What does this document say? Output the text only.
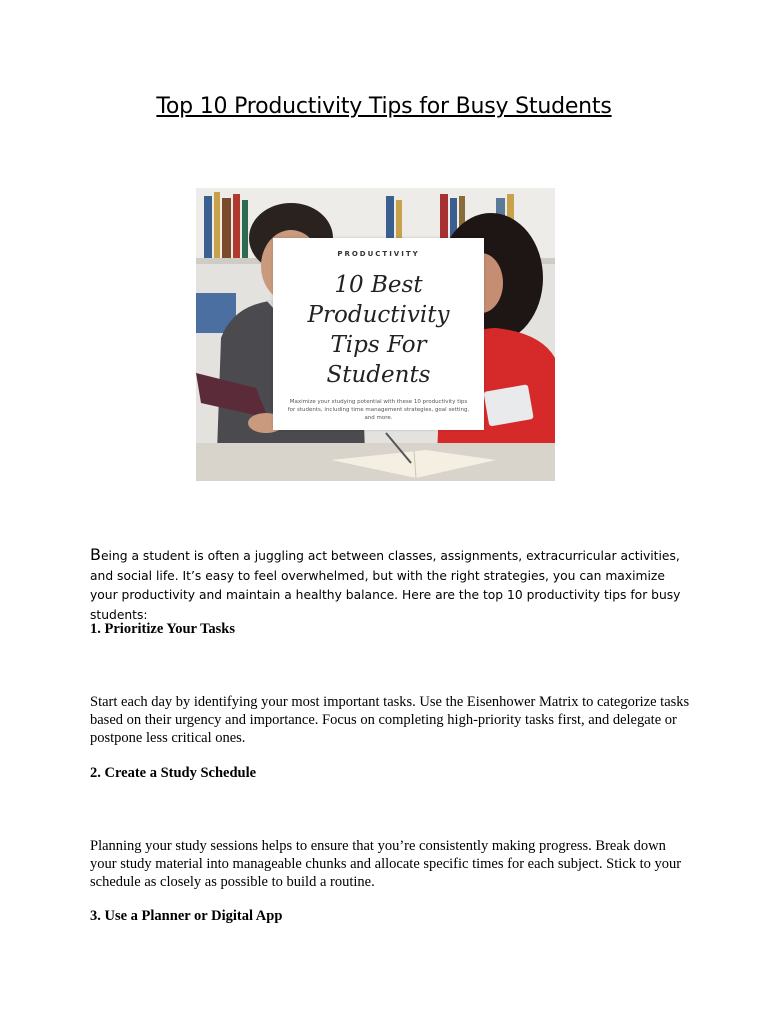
Top 10 Productivity Tips for Busy Students
PRODUCTIVITY
10 Best
Productivity
Tips For
Students
Maximize your studying potential with these 10 productivity tips for students, including time management strategies, goal setting, and more.

Being a student is often a juggling act between classes, assignments, extracurricular activities, and social life. It’s easy to feel overwhelmed, but with the right strategies, you can maximize your productivity and maintain a healthy balance. Here are the top 10 productivity tips for busy students:

1. Prioritize Your Tasks

Start each day by identifying your most important tasks. Use the Eisenhower Matrix to categorize tasks based on their urgency and importance. Focus on completing high-priority tasks first, and delegate or postpone less critical ones.

2. Create a Study Schedule

Planning your study sessions helps to ensure that you’re consistently making progress. Break down your study material into manageable chunks and allocate specific times for each subject. Stick to your schedule as closely as possible to build a routine.

3. Use a Planner or Digital App
